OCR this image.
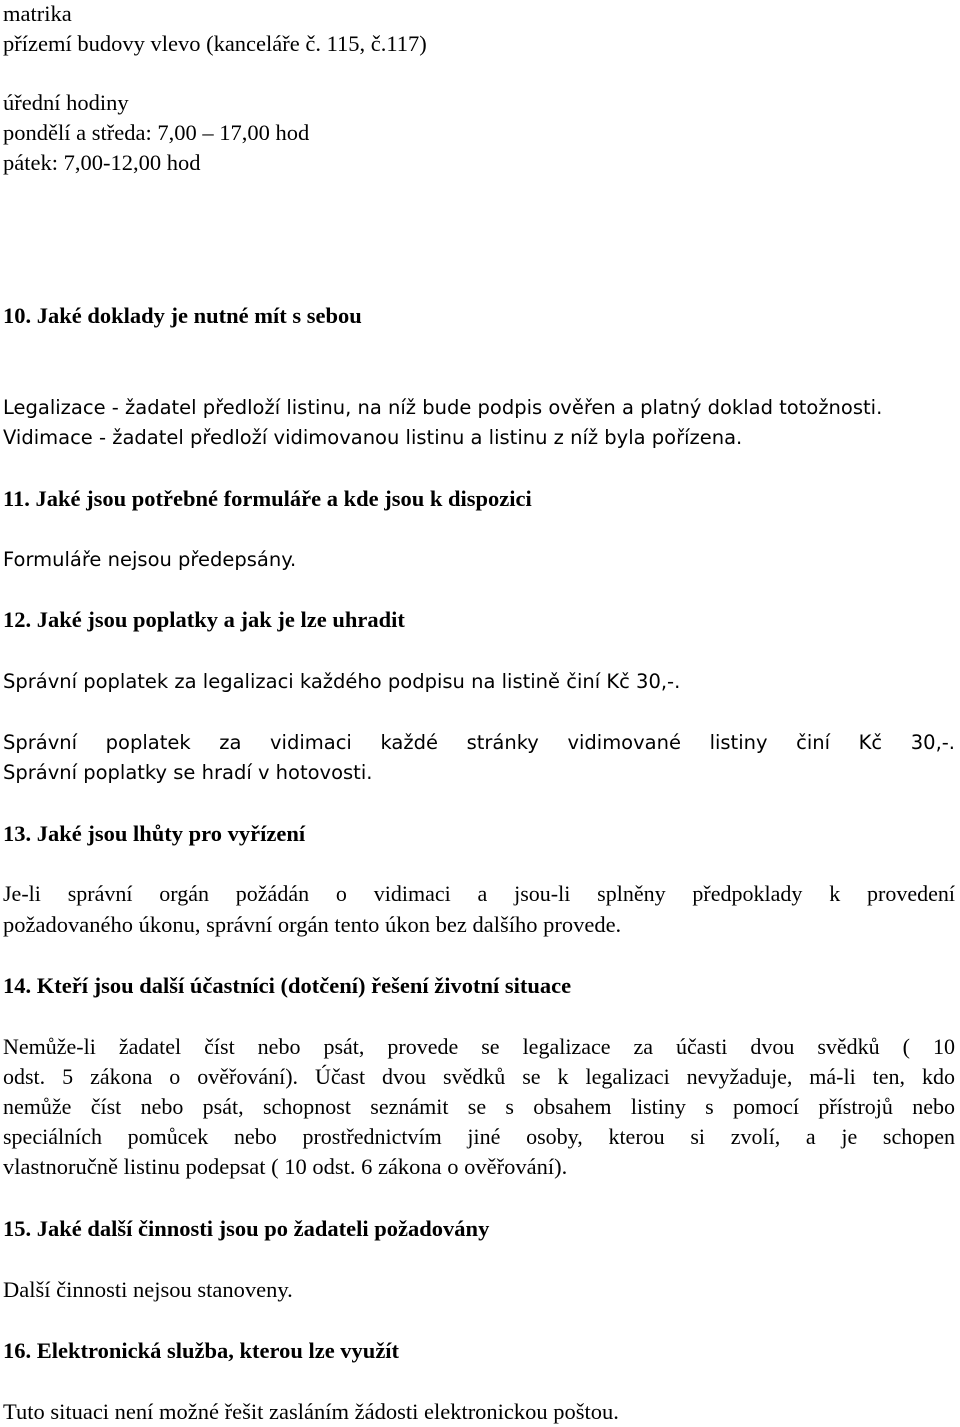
matrika
přízemí budovy vlevo (kanceláře č. 115, č.117)
úřední hodiny
pondělí a středa: 7,00 – 17,00 hod
pátek: 7,00-12,00 hod
10. Jaké doklady je nutné mít s sebou
Legalizace - žadatel předloží listinu, na níž bude podpis ověřen a platný doklad totožnosti.
Vidimace - žadatel předloží vidimovanou listinu a listinu z níž byla pořízena.
11. Jaké jsou potřebné formuláře a kde jsou k dispozici
Formuláře nejsou předepsány.
12. Jaké jsou poplatky a jak je lze uhradit
Správní poplatek za legalizaci každého podpisu na listině činí Kč 30,-.
Správní poplatek za vidimaci každé stránky vidimované listiny činí Kč 30,-.
Správní poplatky se hradí v hotovosti.
13. Jaké jsou lhůty pro vyřízení
Je-li správní orgán požádán o vidimaci a jsou-li splněny předpoklady k provedení
požadovaného úkonu, správní orgán tento úkon bez dalšího provede.
14. Kteří jsou další účastníci (dotčení) řešení životní situace
Nemůže-li žadatel číst nebo psát, provede se legalizace za účasti dvou svědků ( 10
odst. 5 zákona o ověřování). Účast dvou svědků se k legalizaci nevyžaduje, má-li ten, kdo
nemůže číst nebo psát, schopnost seznámit se s obsahem listiny s pomocí přístrojů nebo
speciálních pomůcek nebo prostřednictvím jiné osoby, kterou si zvolí, a je schopen
vlastnoručně listinu podepsat ( 10 odst. 6 zákona o ověřování).
15. Jaké další činnosti jsou po žadateli požadovány
Další činnosti nejsou stanoveny.
16. Elektronická služba, kterou lze využít
Tuto situaci není možné řešit zasláním žádosti elektronickou poštou.
